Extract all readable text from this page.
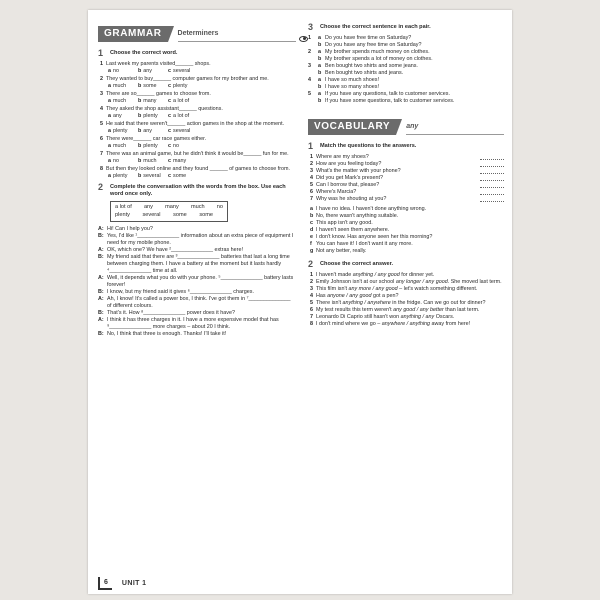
GRAMMAR	Determiners
1	Choose the correct word.
1 Last week my parents visited______ shops.
a no	b any	c several
2 They wanted to buy______ computer games for my brother and me.
a much	b some	c plenty
3 There are so______ games to choose from.
a much	b many	c a lot of
4 They asked the shop assistant______ questions.
a any	b plenty	c a lot of
5 He said that there weren't______ action games in the shop at the moment.
a plenty	b any	c several
6 There were______ car race games either.
a much	b plenty	c no
7 There was an animal game, but he didn't think it would be______ fun for me.
a no	b much	c many
8 But then they looked online and they found ______ of games to choose from.
a plenty	b several	c some
2	Complete the conversation with the words from the box. Use each word once only.
a lot of any many much no
plenty several some some
A: Hi! Can I help you?
B: Yes, I'd like ¹______________ information about an extra piece of equipment I need for my mobile phone.
A: OK, which one? We have ²______________ extras here!
B: My friend said that there are ³______________ batteries that last a long time between charging them. I have a battery at the moment but it lasts hardly ⁴______________ time at all.
A: Well, it depends what you do with your phone. ⁵______________ battery lasts forever!
B: I know, but my friend said it gives ⁶______________ charges.
A: Ah, I know! It's called a power box, I think. I've got them in ⁷______________ of different colours.
B: That's it. How ⁸______________ power does it have?
A: I think it has three charges in it. I have a more expensive model that has ⁹______________ more charges – about 20 I think.
B: No, I think that three is enough. Thanks! I'll take it!
3	Choose the correct sentence in each pair.
1	a Do you have free time on Saturday?
b Do you have any free time on Saturday?
2	a My brother spends much money on clothes.
b My brother spends a lot of money on clothes.
3	a Ben bought two shirts and some jeans.
b Ben bought two shirts and jeans.
4	a I have so much shoes!
b I have so many shoes!
5	a If you have any questions, talk to customer services.
b If you have some questions, talk to customer services.
VOCABULARY	any
1	Match the questions to the answers.
1 Where are my shoes?
2 How are you feeling today?
3 What's the matter with your phone?
4 Did you get Mark's present?
5 Can I borrow that, please?
6 Where's Marcia?
7 Why was he shouting at you?
a I have no idea. I haven't done anything wrong.
b No, there wasn't anything suitable.
c This app isn't any good.
d I haven't seen them anywhere.
e I don't know. Has anyone seen her this morning?
f You can have it! I don't want it any more.
g Not any better, really.
2	Choose the correct answer.
1 I haven't made anything / any good for dinner yet.
2 Emily Johnson isn't at our school any longer / any good. She moved last term.
3 This film isn't any more / any good – let's watch something different.
4 Has anyone / any good got a pen?
5 There isn't anything / anywhere in the fridge. Can we go out for dinner?
6 My test results this term weren't any good / any better than last term.
7 Leonardo Di Caprio still hasn't won anything / any Oscars.
8 I don't mind where we go – anywhere / anything away from here!
6	UNIT 1
